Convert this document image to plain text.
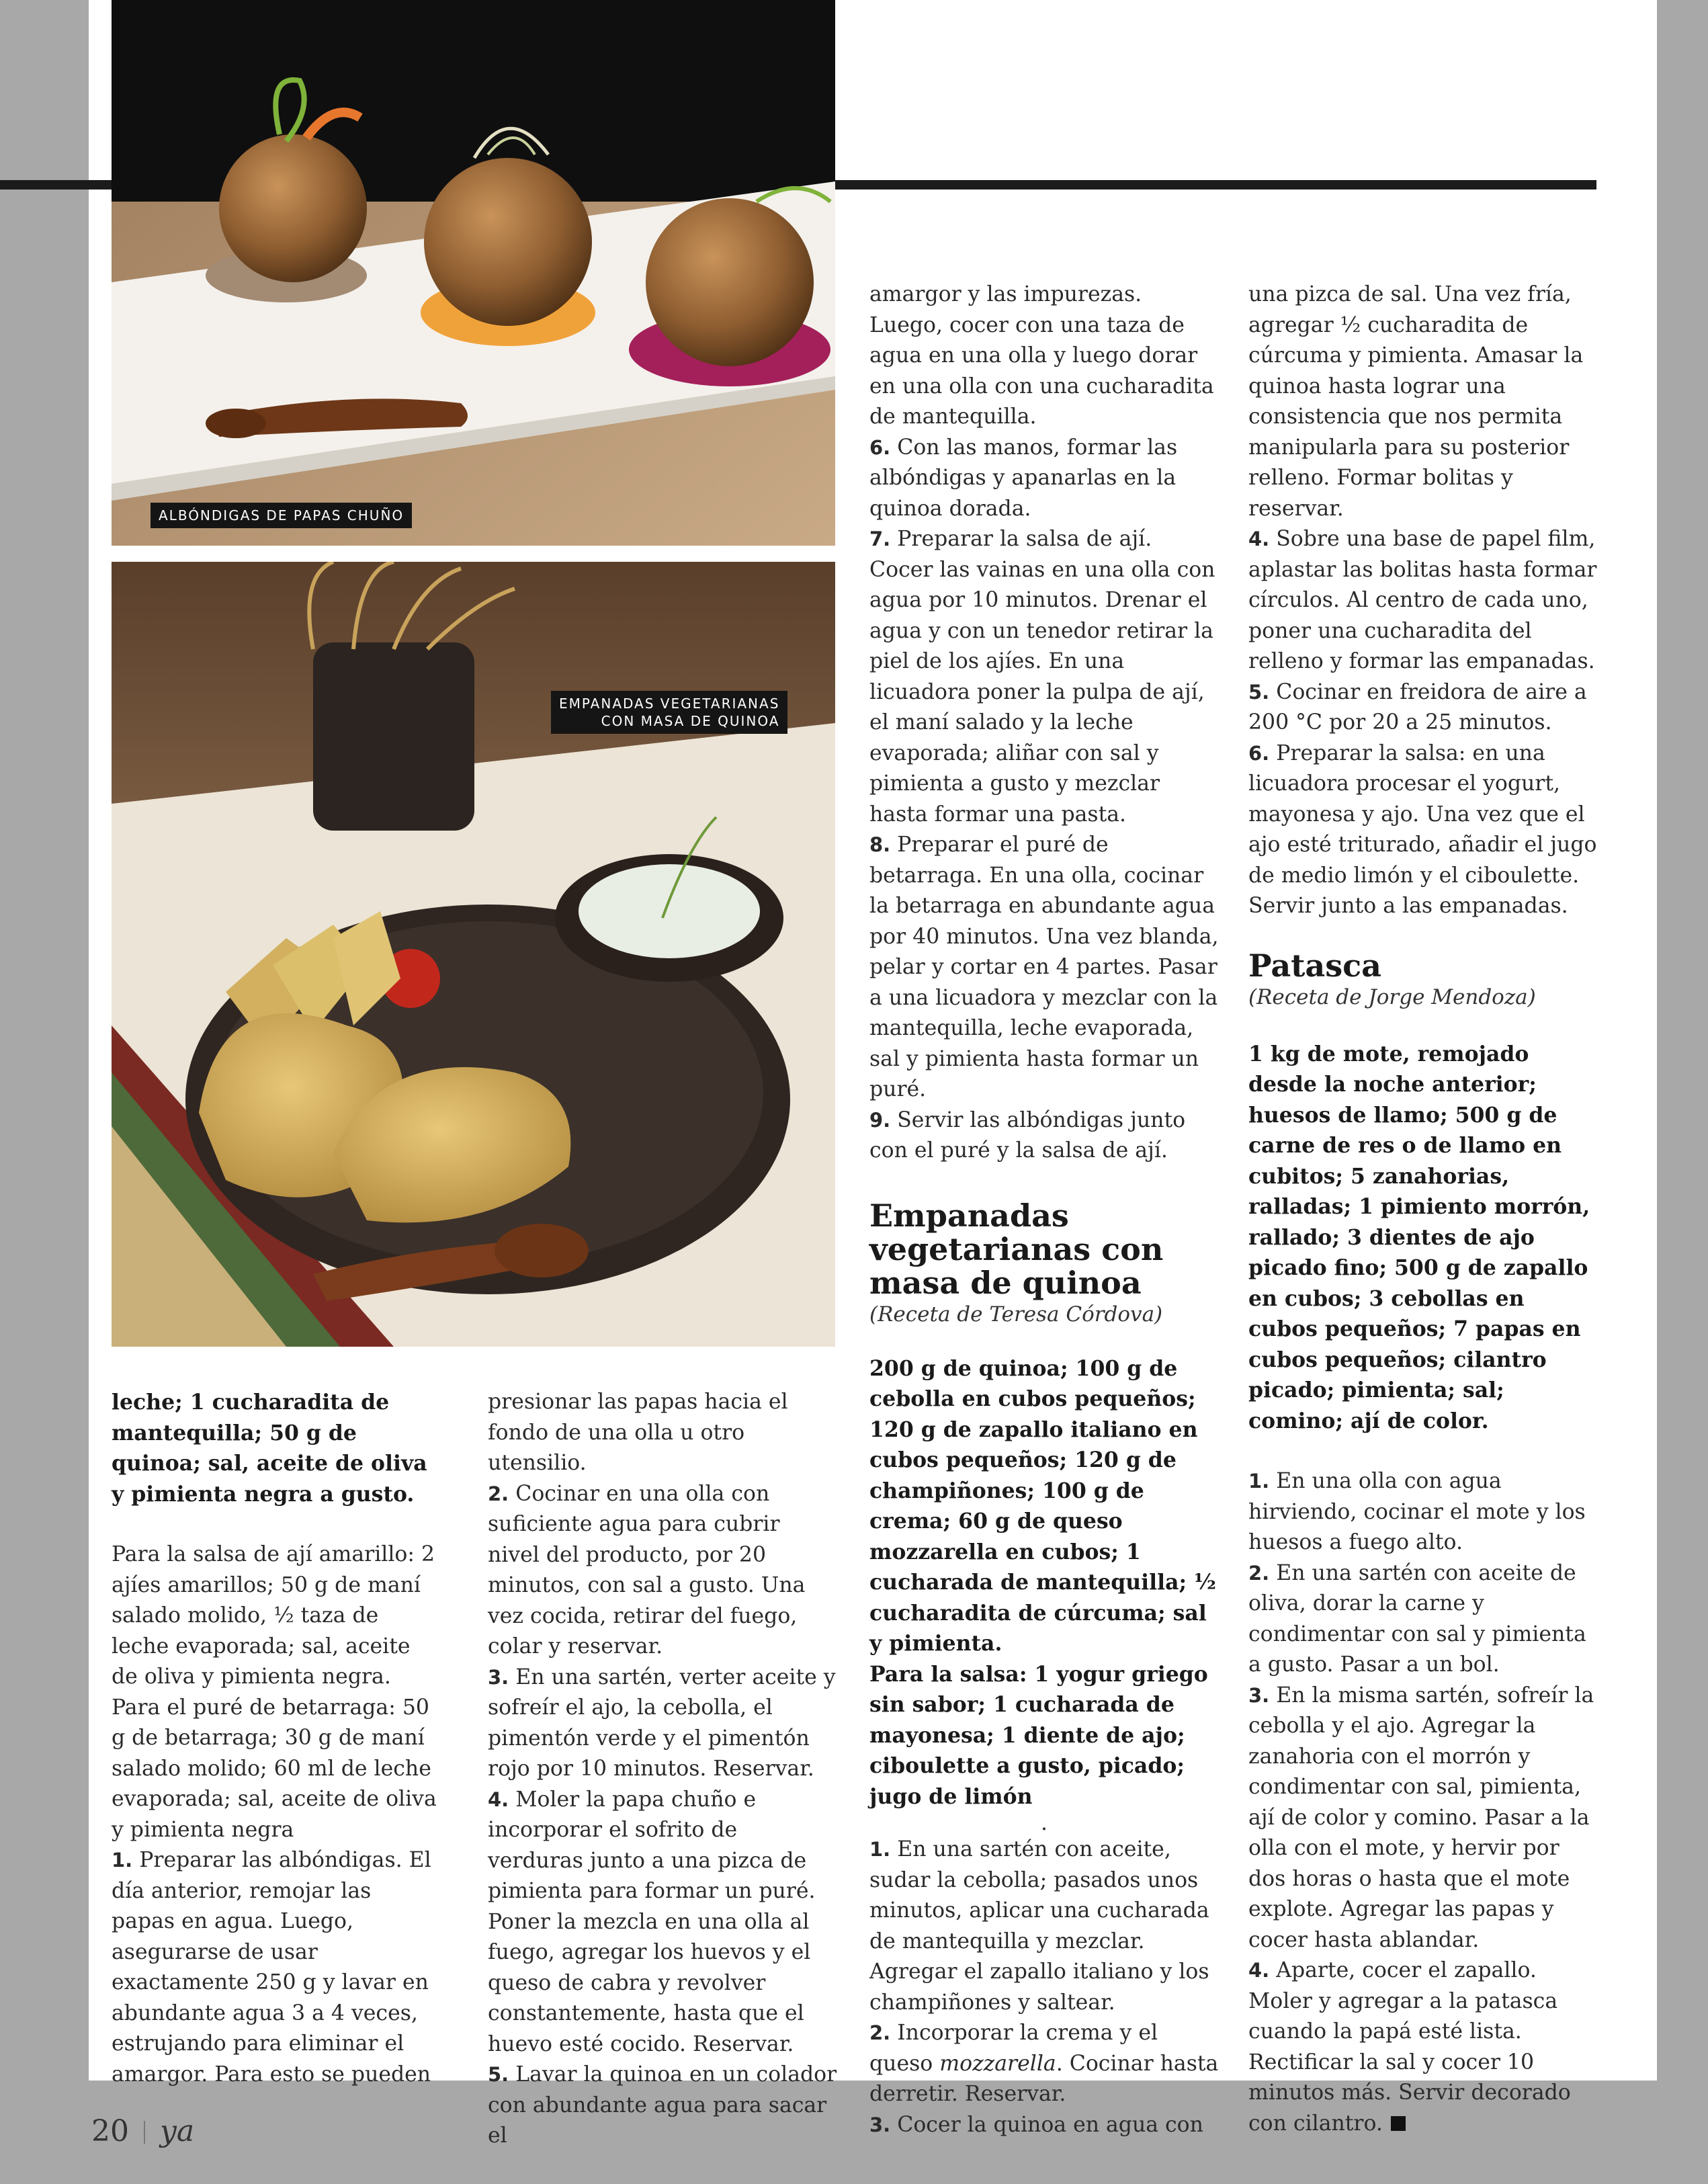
ALBÓNDIGAS DE PAPAS CHUÑO
EMPANADAS VEGETARIANAS
CON MASA DE QUINOA

leche; 1 cucharadita de mantequilla; 50 g de quinoa; sal, aceite de oliva y pimienta negra a gusto.

Para la salsa de ají amarillo: 2 ajíes amarillos; 50 g de maní salado molido, ½ taza de leche evaporada; sal, aceite de oliva y pimienta negra.

Para el puré de betarraga: 50 g de betarraga; 30 g de maní salado molido; 60 ml de leche evaporada; sal, aceite de oliva y pimienta negra

1. Preparar las albóndigas. El día anterior, remojar las papas en agua. Luego, asegurarse de usar exactamente 250 g y lavar en abundante agua 3 a 4 veces, estrujando para eliminar el amargor. Para esto se pueden

presionar las papas hacia el fondo de una olla u otro utensilio.

2. Cocinar en una olla con suficiente agua para cubrir nivel del producto, por 20 minutos, con sal a gusto. Una vez cocida, retirar del fuego, colar y reservar.

3. En una sartén, verter aceite y sofreír el ajo, la cebolla, el pimentón verde y el pimentón rojo por 10 minutos. Reservar.

4. Moler la papa chuño e incorporar el sofrito de verduras junto a una pizca de pimienta para formar un puré. Poner la mezcla en una olla al fuego, agregar los huevos y el queso de cabra y revolver constantemente, hasta que el huevo esté cocido. Reservar.

5. Lavar la quinoa en un colador con abundante agua para sacar el

amargor y las impurezas. Luego, cocer con una taza de agua en una olla y luego dorar en una olla con una cucharadita de mantequilla.

6. Con las manos, formar las albóndigas y apanarlas en la quinoa dorada.

7. Preparar la salsa de ají. Cocer las vainas en una olla con agua por 10 minutos. Drenar el agua y con un tenedor retirar la piel de los ajíes. En una licuadora poner la pulpa de ají, el maní salado y la leche evaporada; aliñar con sal y pimienta a gusto y mezclar hasta formar una pasta.

8. Preparar el puré de betarraga. En una olla, cocinar la betarraga en abundante agua por 40 minutos. Una vez blanda, pelar y cortar en 4 partes. Pasar a una licuadora y mezclar con la mantequilla, leche evaporada, sal y pimienta hasta formar un puré.

9. Servir las albóndigas junto con el puré y la salsa de ají.

Empanadas vegetarianas con masa de quinoa

(Receta de Teresa Córdova)

200 g de quinoa; 100 g de cebolla en cubos pequeños; 120 g de zapallo italiano en cubos pequeños; 120 g de champiñones; 100 g de crema; 60 g de queso mozzarella en cubos; 1 cucharada de mantequilla; ½ cucharadita de cúrcuma; sal y pimienta.

Para la salsa: 1 yogur griego sin sabor; 1 cucharada de mayonesa; 1 diente de ajo; ciboulette a gusto, picado; jugo de limón

.

1. En una sartén con aceite, sudar la cebolla; pasados unos minutos, aplicar una cucharada de mantequilla y mezclar. Agregar el zapallo italiano y los champiñones y saltear.

2. Incorporar la crema y el queso mozzarella. Cocinar hasta derretir. Reservar.

3. Cocer la quinoa en agua con

una pizca de sal. Una vez fría, agregar ½ cucharadita de cúrcuma y pimienta. Amasar la quinoa hasta lograr una consistencia que nos permita manipularla para su posterior relleno. Formar bolitas y reservar.

4. Sobre una base de papel film, aplastar las bolitas hasta formar círculos. Al centro de cada uno, poner una cucharadita del relleno y formar las empanadas.

5. Cocinar en freidora de aire a 200 °C por 20 a 25 minutos.

6. Preparar la salsa: en una licuadora procesar el yogurt, mayonesa y ajo. Una vez que el ajo esté triturado, añadir el jugo de medio limón y el ciboulette. Servir junto a las empanadas.

Patasca

(Receta de Jorge Mendoza)

1 kg de mote, remojado desde la noche anterior; huesos de llamo; 500 g de carne de res o de llamo en cubitos; 5 zanahorias, ralladas; 1 pimiento morrón, rallado; 3 dientes de ajo picado fino; 500 g de zapallo en cubos; 3 cebollas en cubos pequeños; 7 papas en cubos pequeños; cilantro picado; pimienta; sal; comino; ají de color.

1. En una olla con agua hirviendo, cocinar el mote y los huesos a fuego alto.

2. En una sartén con aceite de oliva, dorar la carne y condimentar con sal y pimienta a gusto. Pasar a un bol.

3. En la misma sartén, sofreír la cebolla y el ajo. Agregar la zanahoria con el morrón y condimentar con sal, pimienta, ají de color y comino. Pasar a la olla con el mote, y hervir por dos horas o hasta que el mote explote. Agregar las papas y cocer hasta ablandar.

4. Aparte, cocer el zapallo. Moler y agregar a la patasca cuando la papá esté lista. Rectificar la sal y cocer 10 minutos más. Servir decorado con cilantro.

20 ya
